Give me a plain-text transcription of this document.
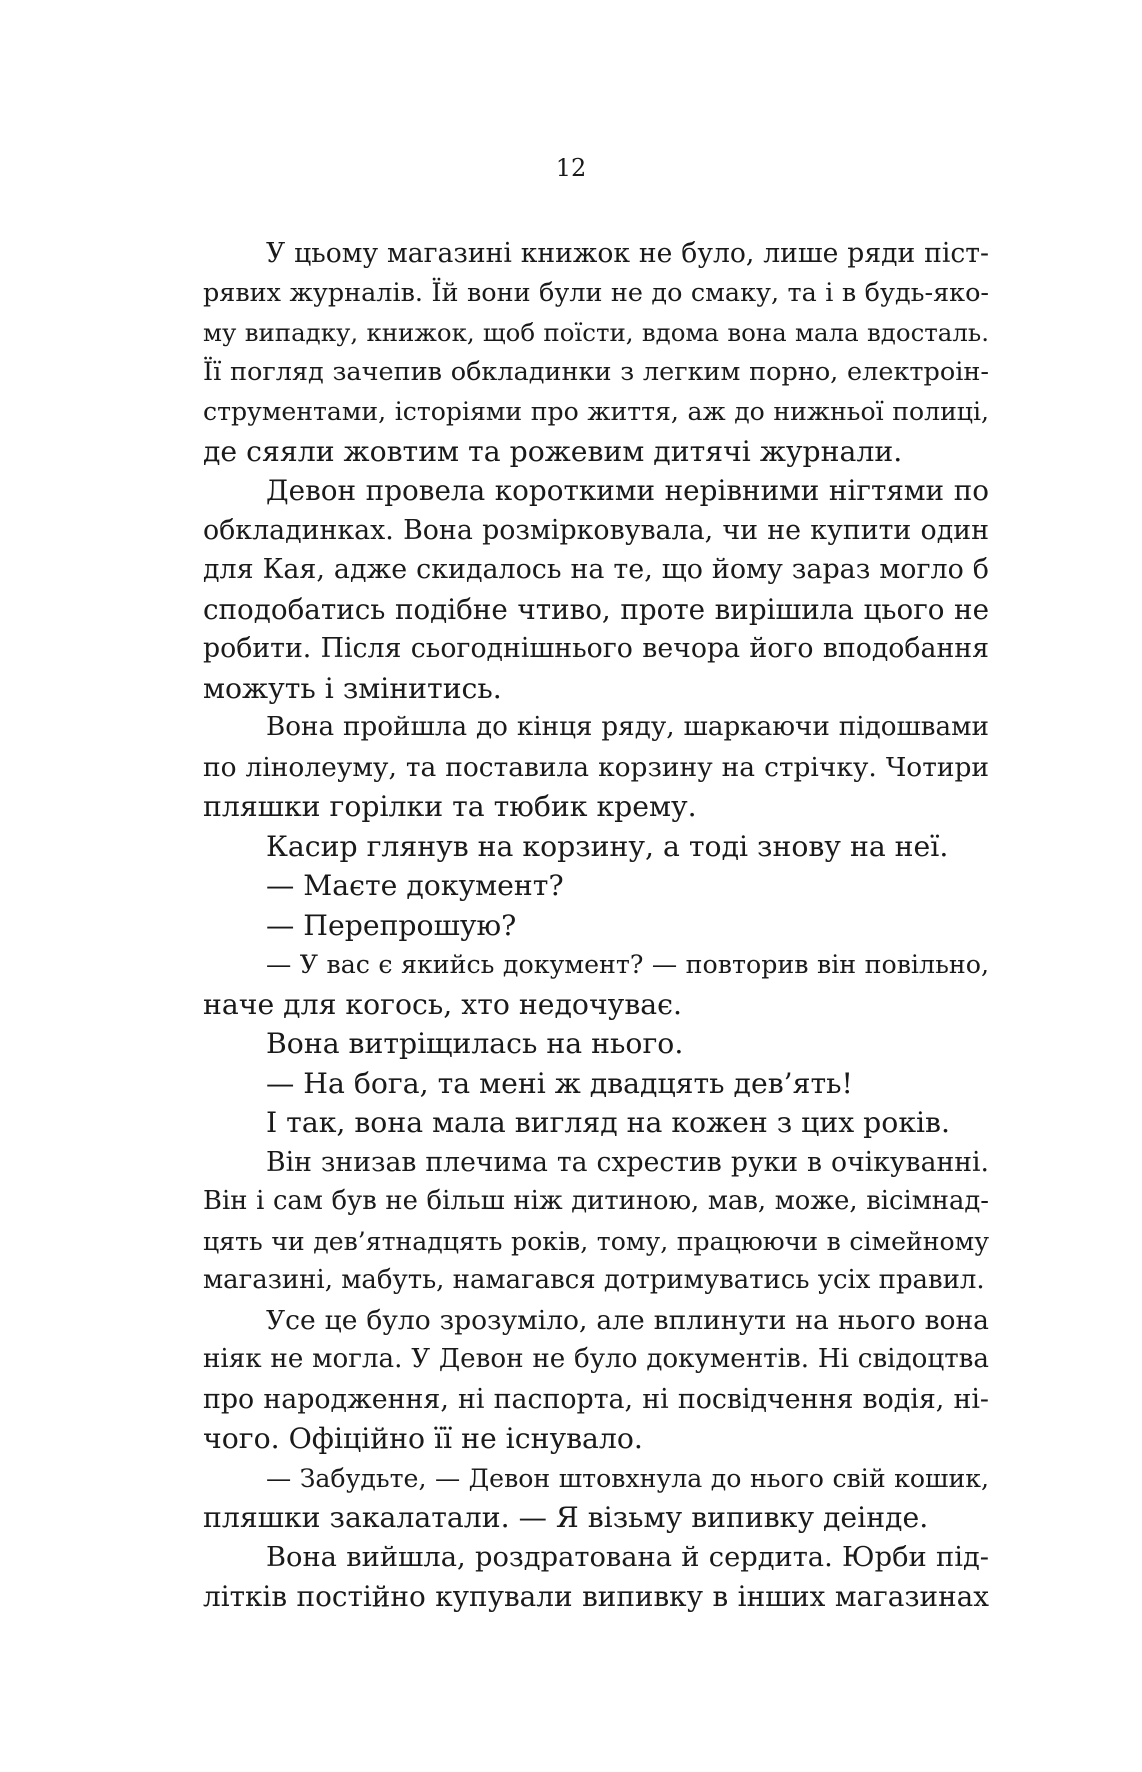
12
У цьому магазині книжок не було, лише ряди піст-
рявих журналів. Їй вони були не до смаку, та і в будь-яко-
му випадку, книжок, щоб поїсти, вдома вона мала вдосталь.
Її погляд зачепив обкладинки з легким порно, електроін-
струментами, історіями про життя, аж до нижньої полиці,
де сяяли жовтим та рожевим дитячі журнали.
Девон провела короткими нерівними нігтями по
обкладинках. Вона розмірковувала, чи не купити один
для Кая, адже скидалось на те, що йому зараз могло б
сподобатись подібне чтиво, проте вирішила цього не
робити. Після сьогоднішнього вечора його вподобання
можуть і змінитись.
Вона пройшла до кінця ряду, шаркаючи підошвами
по лінолеуму, та поставила корзину на стрічку. Чотири
пляшки горілки та тюбик крему.
Касир глянув на корзину, а тоді знову на неї.
— Маєте документ?
— Перепрошую?
— У вас є якийсь документ? — повторив він повільно,
наче для когось, хто недочуває.
Вона витріщилась на нього.
— На бога, та мені ж двадцять дев’ять!
І так, вона мала вигляд на кожен з цих років.
Він знизав плечима та схрестив руки в очікуванні.
Він і сам був не більш ніж дитиною, мав, може, вісімнад-
цять чи дев’ятнадцять років, тому, працюючи в сімейному
магазині, мабуть, намагався дотримуватись усіх правил.
Усе це було зрозуміло, але вплинути на нього вона
ніяк не могла. У Девон не було документів. Ні свідоцтва
про народження, ні паспорта, ні посвідчення водія, ні-
чого. Офіційно її не існувало.
— Забудьте, — Девон штовхнула до нього свій кошик,
пляшки закалатали. — Я візьму випивку деінде.
Вона вийшла, роздратована й сердита. Юрби під-
літків постійно купували випивку в інших магазинах
